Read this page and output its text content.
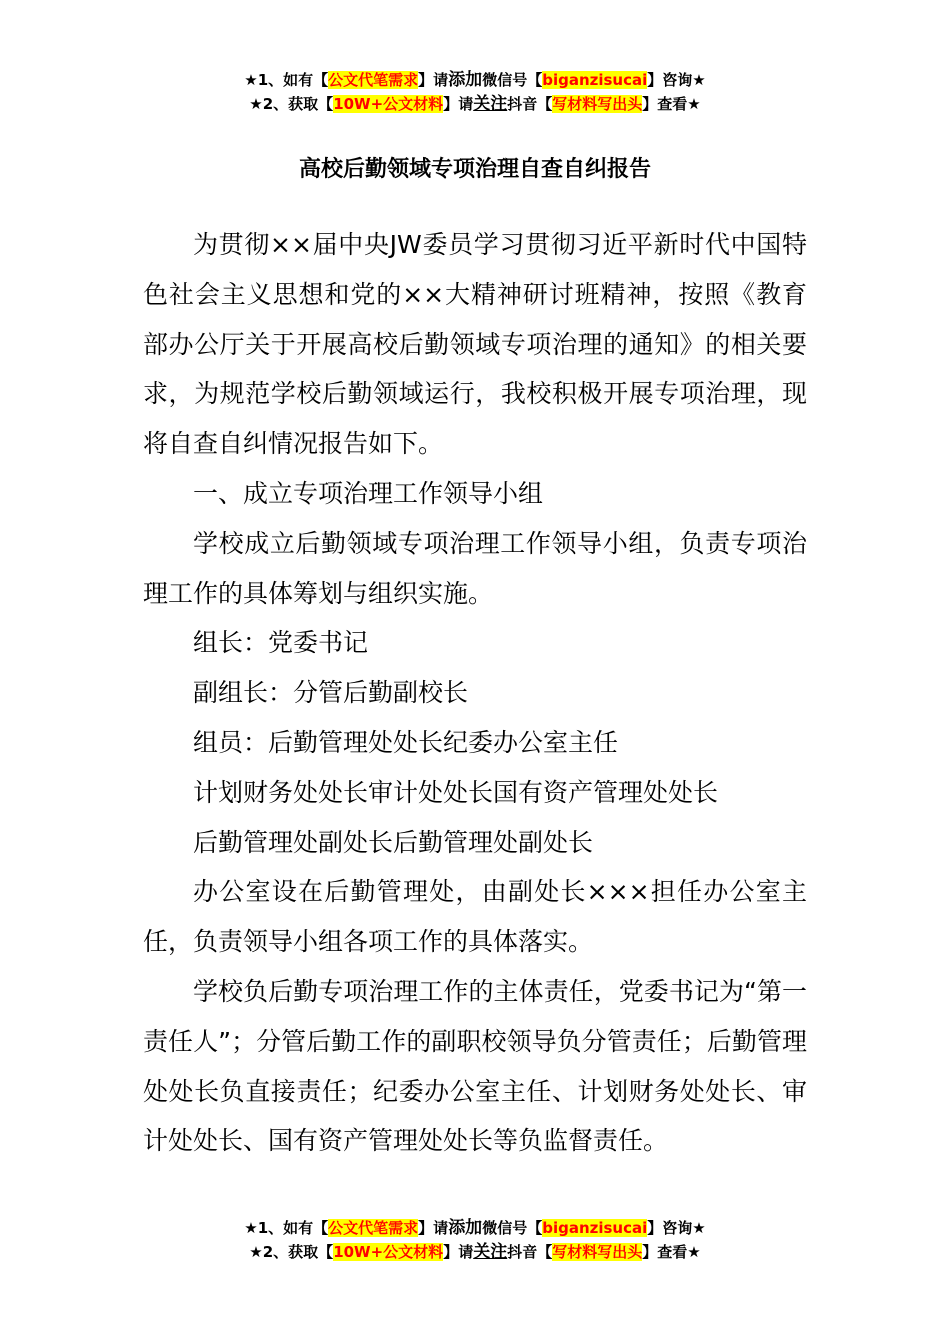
★1、如有【公文代笔需求】请添加微信号【biganzisucai】咨询★
★2、获取【10W+公文材料】请关注抖音【写材料写出头】查看★
高校后勤领域专项治理自查自纠报告

为贯彻××届中央JW委员学习贯彻习近平新时代中国特色社会主义思想和党的××大精神研讨班精神，按照《教育部办公厅关于开展高校后勤领域专项治理的通知》的相关要求，为规范学校后勤领域运行，我校积极开展专项治理，现将自查自纠情况报告如下。

一、成立专项治理工作领导小组

学校成立后勤领域专项治理工作领导小组，负责专项治理工作的具体筹划与组织实施。

组长：党委书记

副组长：分管后勤副校长

组员：后勤管理处处长纪委办公室主任

计划财务处处长审计处处长国有资产管理处处长

后勤管理处副处长后勤管理处副处长

办公室设在后勤管理处，由副处长×××担任办公室主任，负责领导小组各项工作的具体落实。

学校负后勤专项治理工作的主体责任，党委书记为“第一责任人”；分管后勤工作的副职校领导负分管责任；后勤管理处处长负直接责任；纪委办公室主任、计划财务处处长、审计处处长、国有资产管理处处长等负监督责任。

★1、如有【公文代笔需求】请添加微信号【biganzisucai】咨询★
★2、获取【10W+公文材料】请关注抖音【写材料写出头】查看★
